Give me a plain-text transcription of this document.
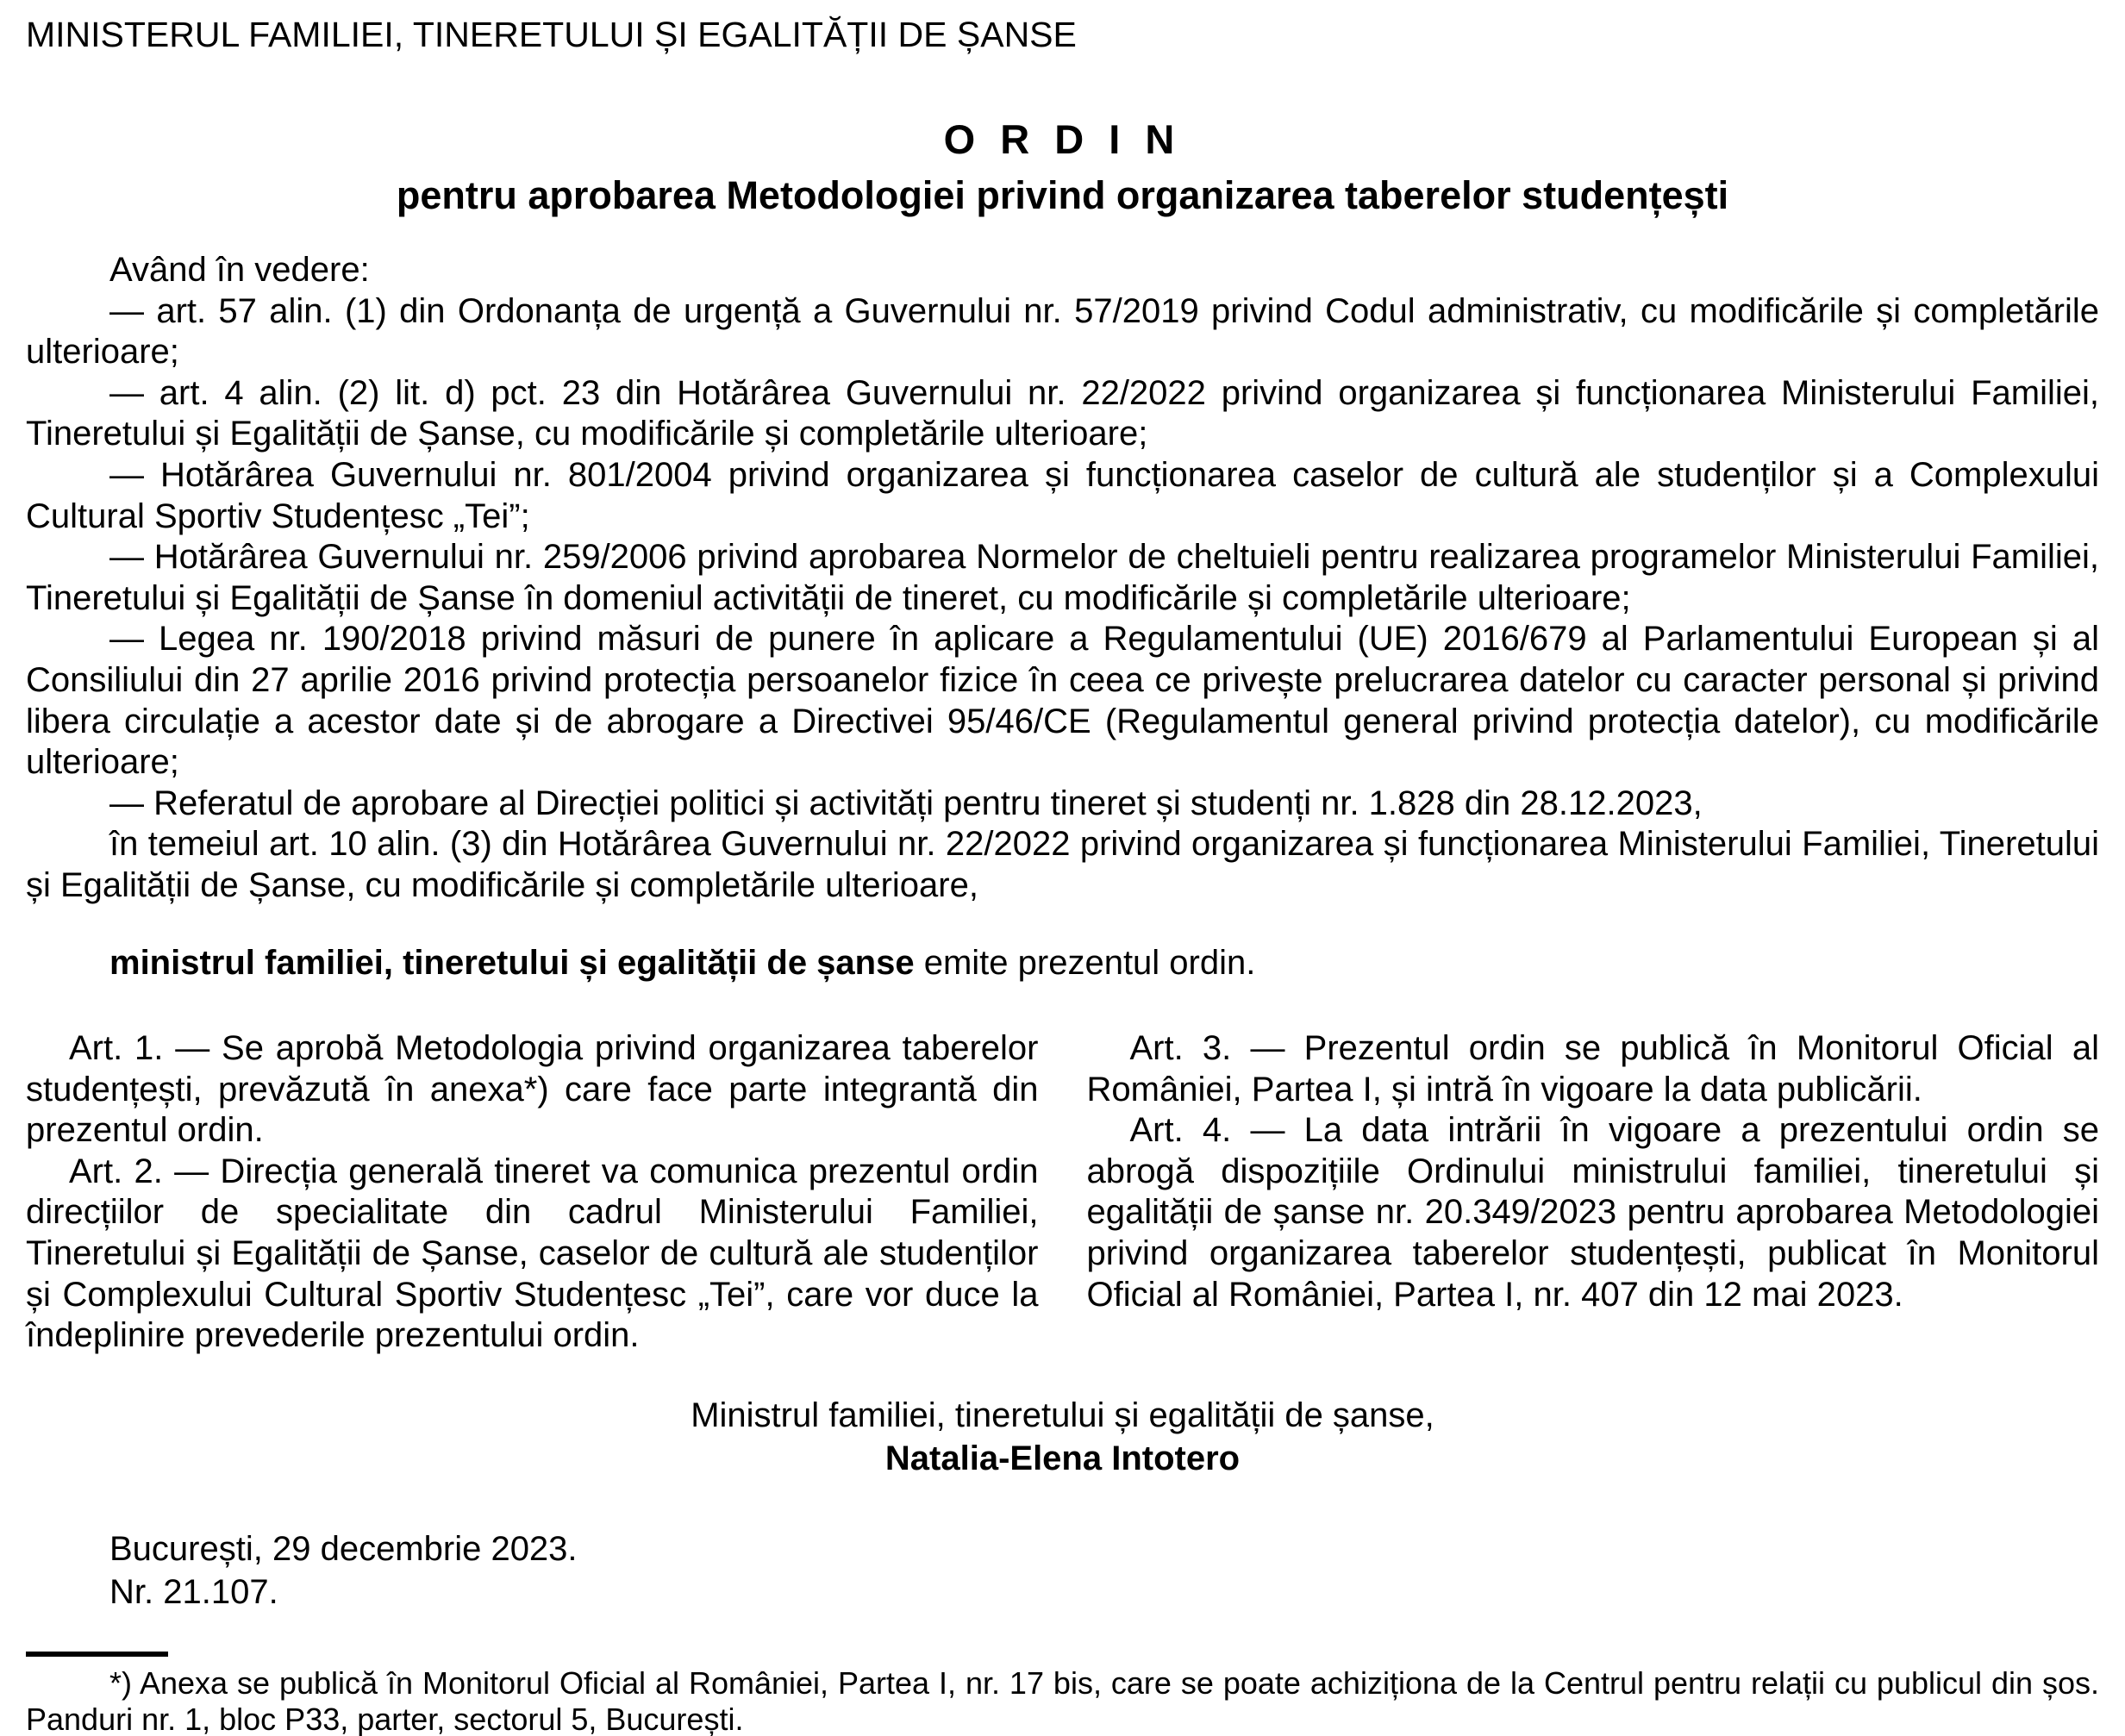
MINISTERUL FAMILIEI, TINERETULUI ȘI EGALITĂȚII DE ȘANSE
O R D I N
pentru aprobarea Metodologiei privind organizarea taberelor studențești

Având în vedere:

— art. 57 alin. (1) din Ordonanța de urgență a Guvernului nr. 57/2019 privind Codul administrativ, cu modificările și completările ulterioare;

— art. 4 alin. (2) lit. d) pct. 23 din Hotărârea Guvernului nr. 22/2022 privind organizarea și funcționarea Ministerului Familiei, Tineretului și Egalității de Șanse, cu modificările și completările ulterioare;

— Hotărârea Guvernului nr. 801/2004 privind organizarea și funcționarea caselor de cultură ale studenților și a Complexului Cultural Sportiv Studențesc „Tei”;

— Hotărârea Guvernului nr. 259/2006 privind aprobarea Normelor de cheltuieli pentru realizarea programelor Ministerului Familiei, Tineretului și Egalității de Șanse în domeniul activității de tineret, cu modificările și completările ulterioare;

— Legea nr. 190/2018 privind măsuri de punere în aplicare a Regulamentului (UE) 2016/679 al Parlamentului European și al Consiliului din 27 aprilie 2016 privind protecția persoanelor fizice în ceea ce privește prelucrarea datelor cu caracter personal și privind libera circulație a acestor date și de abrogare a Directivei 95/46/CE (Regulamentul general privind protecția datelor), cu modificările ulterioare;

— Referatul de aprobare al Direcției politici și activități pentru tineret și studenți nr. 1.828 din 28.12.2023,

în temeiul art. 10 alin. (3) din Hotărârea Guvernului nr. 22/2022 privind organizarea și funcționarea Ministerului Familiei, Tineretului și Egalității de Șanse, cu modificările și completările ulterioare,

ministrul familiei, tineretului și egalității de șanse emite prezentul ordin.

Art. 1. — Se aprobă Metodologia privind organizarea taberelor studențești, prevăzută în anexa*) care face parte integrantă din prezentul ordin.

Art. 2. — Direcția generală tineret va comunica prezentul ordin direcțiilor de specialitate din cadrul Ministerului Familiei, Tineretului și Egalității de Șanse, caselor de cultură ale studenților și Complexului Cultural Sportiv Studențesc „Tei”, care vor duce la îndeplinire prevederile prezentului ordin.

Art. 3. — Prezentul ordin se publică în Monitorul Oficial al României, Partea I, și intră în vigoare la data publicării.

Art. 4. — La data intrării în vigoare a prezentului ordin se abrogă dispozițiile Ordinului ministrului familiei, tineretului și egalității de șanse nr. 20.349/2023 pentru aprobarea Metodologiei privind organizarea taberelor studențești, publicat în Monitorul Oficial al României, Partea I, nr. 407 din 12 mai 2023.

Ministrul familiei, tineretului și egalității de șanse,
Natalia-Elena Intotero
București, 29 decembrie 2023.
Nr. 21.107.

*) Anexa se publică în Monitorul Oficial al României, Partea I, nr. 17 bis, care se poate achiziționa de la Centrul pentru relații cu publicul din șos. Panduri nr. 1, bloc P33, parter, sectorul 5, București.
